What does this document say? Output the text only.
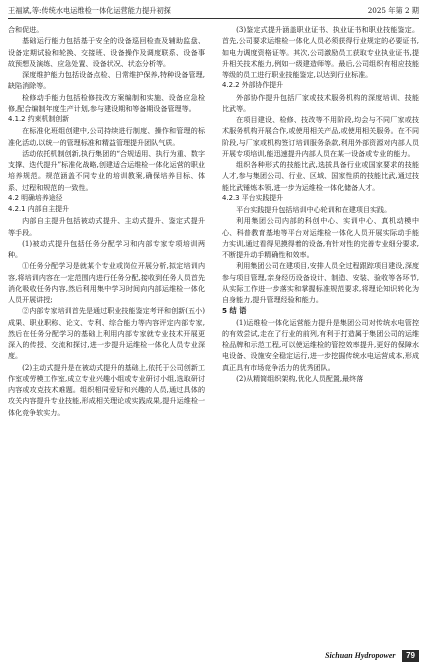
王福斌,等:传统水电运维检一体化运营能力提升初探	2025 年第 2 期

合和促进。

基础运行能力包括基于安全的设备巡回检查及辅助监盘、设备定期试验和轮换、交接班、设备操作及调度联系、设备事故预想及演练、应急处置、设备状况、状态分析等。

深度维护能力包括设备点检、日常维护保养,特种设备管理,缺陷消除等。

检修动手能力包括检修技改方案编制和实施、设备应急检修,配合编制年度生产计划,参与建设期和等备期设备管理等。

4.1.2 约束机制创新

在标准化班组创建中,公司持续进行制度、操作和管理的标准化活动,以统一的管理标准和精益管理提升团队气质。

活动依托机制创新,执行集团的“合规适用、执行为重、数字支撑、迭代提升”标准化战略,创建适合运维检一体化运营的职业培养规范。规范涵盖不同专业的培训教案,确保培养目标、体系、过程和规范的一致性。

4.2 明确培养途径

4.2.1 内部自主提升

内部自主提升包括被动式提升、主动式提升、鉴定式提升等手段。

(1)被动式提升包括任务分配学习和内部专家专项培训两种。

①任务分配学习是就某个专业或岗位开展分析,拟定培训内容,将培训内容在一定范围内进行任务分配,接收到任务人员首先消化吸收任务内容,然后利用集中学习时间向内部运维检一体化人员开展讲授;

②内部专家培训首先是通过职业技能鉴定考评和创新(五小)成果、职业职称、论文、专利、综合能力等内容评定内部专家,然后在任务分配学习的基础上利用内部专家就专业技术开展更深入的传授、交流和探讨,进一步提升运维检一体化人员专业深度。

(2)主动式提升是在被动式提升的基础上,依托于公司创新工作室或劳模工作室,成立专业兴趣小组或专业研讨小组,选取研讨内容或攻克技术难题。组织相同爱好和兴趣的人员,通过具体的攻关内容提升专业技能,形成相关理论或实践成果,提升运维检一体化竞争软实力。

(3)鉴定式提升涵盖职业证书、执业证书和职业技能鉴定。首先,公司要求运维检一体化人员必须获得行业规定的必要证书,如电力调度资格证等。其次,公司激励员工获取专业执业证书,提升相关技术能力,例如一级建造师等。最后,公司组织有相应技能等级的员工进行职业技能鉴定,以达到行业标准。

4.2.2 外部协作提升

外部协作提升包括厂家或技术服务机构的深度培训、技能比武等。

在项目建设、检修、技改等不用阶段,均会与不同厂家或技术服务机构开展合作,或使用相关产品,或使用相关服务。在不同阶段,与厂家或机构签订培训服务条款,利用外部资源对内部人员开展专项培训,能迅速提升内部人员在某一设备或专业的能力。

组织各种形式的技能比武,选拔具备行业或国家要求的技能人才,参与集团公司、行业、区域、国家性质的技能比武,通过技能比武锤炼本领,进一步为运维检一体化储备人才。

4.2.3 平台实践提升

平台实践提升包括培训中心轮训和在建项目实践。

利用集团公司内部的科创中心、实训中心、真机动模中心、科普教育基地等平台对运维检一体化人员开展实际动手能力实训,通过看得见摸得着的设备,有针对性的完善专业细分要求,不断提升动手精确性和效率。

利用集团公司在建项目,安排人员全过程跟踪项目建设,深度参与项目管理,亲身经历设备设计、制造、安装、验收等各环节,从实际工作进一步落实和掌握标准规范要求,将理论知识转化为自身能力,提升管理经验和能力。

5 结 语

(1)运维检一体化运营能力提升是集团公司对传统水电管控的有效尝试,走在了行业的前列,有利于打造属于集团公司的运维检品牌和示范工程,可以使运维检的管控效率提升,更好的保障水电设备、设施安全稳定运行,进一步挖掘传统水电运营成本,形成真正具有市场竞争活力的优秀团队。

(2)从精简组织架构,优化人员配置,最终落

Sichuan Hydropower 79
